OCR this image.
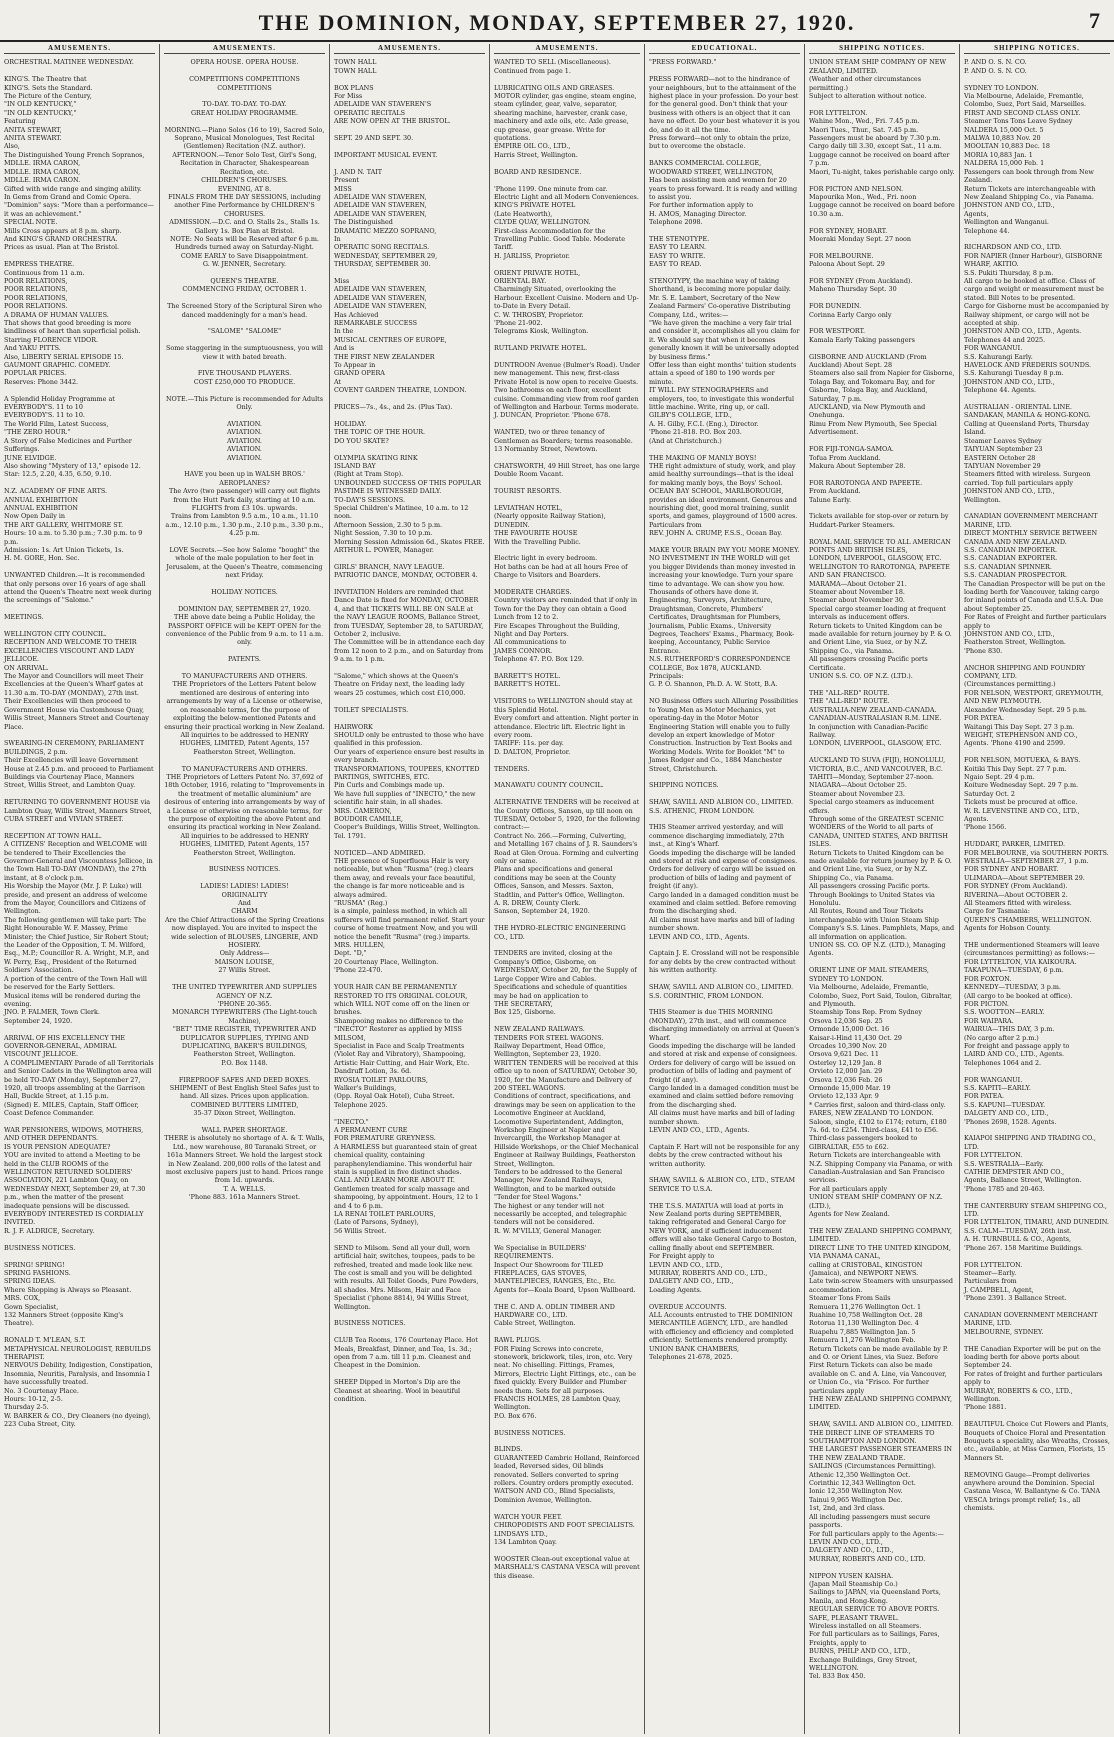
THE DOMINION, MONDAY, SEPTEMBER 27, 1920.	7
AMUSEMENTS.
ORCHESTRAL MATINEE WEDNESDAY.

KING'S. The Theatre that
KING'S. Sets the Standard.
The Picture of the Century,
"IN OLD KENTUCKY,"
"IN OLD KENTUCKY,"
Featuring
ANITA STEWART,
ANITA STEWART.
Also,
The Distinguished Young French Sopranos,
MDLLE. IRMA CARON,
MDLLE. IRMA CARON,
MDLLE. IRMA CARON.
Gifted with wide range and singing ability.
In Gems from Grand and Comic Opera.
"Dominion" says: "More than a performance—it was an achievement."
SPECIAL NOTE.
Mills Cross appears at 8 p.m. sharp.
And KING'S GRAND ORCHESTRA.
Prices as usual. Plan at The Bristol.

EMPRESS THEATRE.
Continuous from 11 a.m.
POOR RELATIONS,
POOR RELATIONS,
POOR RELATIONS,
POOR RELATIONS.
A DRAMA OF HUMAN VALUES.
That shows that good breeding is more kindliness of heart than superficial polish.
Starring FLORENCE VIDOR.
And YAKU PITTS.
Also, LIBERTY SERIAL EPISODE 15.
GAUMONT GRAPHIC. COMEDY.
POPULAR PRICES.
Reserves: Phone 3442.

A Splendid Holiday Programme at EVERYBODY'S. 11 to 10
EVERYBODY'S. 11 to 10.
The World Film, Latest Success,
"THE ZERO HOUR."
A Story of False Medicines and Further Sufferings.
JUNE ELVIDGE.
Also showing "Mystery of 13," episode 12.
Star: 12.5, 2.20, 4.35, 6.50, 9.10.

N.Z. ACADEMY OF FINE ARTS.
ANNUAL EXHIBITION
ANNUAL EXHIBITION
Now Open Daily in
THE ART GALLERY, WHITMORE ST.
Hours: 10 a.m. to 5.30 p.m.; 7.30 p.m. to 9 p.m.
Admission: 1s. Art Union Tickets, 1s.
H. M. GORE, Hon. Sec.

UNWANTED Children.—It is recommended that only persons over 16 years of age shall attend the Queen's Theatre next week during the screenings of "Salome."

MEETINGS.

WELLINGTON CITY COUNCIL.
RECEPTION AND WELCOME TO THEIR EXCELLENCIES VISCOUNT AND LADY JELLICOE.
ON ARRIVAL.
The Mayor and Councillors will meet Their Excellencies at the Queen's Wharf gates at 11.30 a.m. TO-DAY (MONDAY), 27th inst.
Their Excellencies will then proceed to Government House via Customhouse Quay, Willis Street, Manners Street and Courtenay Place.

SWEARING-IN CEREMONY, PARLIAMENT BUILDINGS, 2 p.m.
Their Excellencies will leave Government House at 2.45 p.m. and proceed to Parliament Buildings via Courtenay Place, Manners Street, Willis Street, and Lambton Quay.

RETURNING TO GOVERNMENT HOUSE via Lambton Quay, Willis Street, Manners Street, CUBA STREET and VIVIAN STREET.

RECEPTION AT TOWN HALL.
A CITIZENS' Reception and WELCOME will be tendered to Their Excellencies the Governor-General and Viscountess Jellicoe, in the Town Hall TO-DAY (MONDAY), the 27th instant, at 8 o'clock p.m.
His Worship the Mayor (Mr. J. P. Luke) will preside, and present an address of welcome from the Mayor, Councillors and Citizens of Wellington.
The following gentlemen will take part: The Right Honourable W. F. Massey, Prime Minister; the Chief Justice, Sir Robert Stout; the Leader of the Opposition, T. M. Wilford, Esq., M.P.; Councillor R. A. Wright, M.P., and W. Perry, Esq., President of the Returned Soldiers' Association.
A portion of the centre of the Town Hall will be reserved for the Early Settlers.
Musical items will be rendered during the evening.
JNO. P. FALMER, Town Clerk.
September 24, 1920.

ARRIVAL OF HIS EXCELLENCY THE GOVERNOR-GENERAL, ADMIRAL VISCOUNT JELLICOE.
A COMPLIMENTARY Parade of all Territorials and Senior Cadets in the Wellington area will be held TO-DAY (Monday), September 27, 1920, all troops assembling at the Garrison Hall, Buckle Street, at 1.15 p.m.
(Signed) E. MILES, Captain, Staff Officer, Coast Defence Commander.

WAR PENSIONERS, WIDOWS, MOTHERS, AND OTHER DEPENDANTS.
IS YOUR PENSION ADEQUATE?
YOU are invited to attend a Meeting to be held in the CLUB ROOMS of the WELLINGTON RETURNED SOLDIERS' ASSOCIATION, 221 Lambton Quay, on WEDNESDAY NEXT, September 29, at 7.30 p.m., when the matter of the present inadequate pensions will be discussed.
EVERYBODY INTERESTED IS CORDIALLY INVITED.
R. J. F. ALDRICE, Secretary.

BUSINESS NOTICES.

SPRING! SPRING!
SPRING FASHIONS.
SPRING IDEAS.
Where Shopping is Always so Pleasant.
MRS. COX,
Gown Specialist,
132 Manners Street (opposite King's Theatre).

RONALD T. M'LEAN, S.T.
METAPHYSICAL NEUROLOGIST, REBUILDS THERAPIST.
NERVOUS Debility, Indigestion, Constipation, Insomnia, Neuritis, Paralysis, and Insomnia I have successfully treated.
No. 3 Courtenay Place.
Hours: 10-12, 2-5.
Thursday 2-5.
W. BARKER & CO., Dry Cleaners (no dyeing), 223 Cuba Street, City.
AMUSEMENTS.
OPERA HOUSE. OPERA HOUSE.

COMPETITIONS COMPETITIONS
COMPETITIONS

TO-DAY. TO-DAY. TO-DAY.
GREAT HOLIDAY PROGRAMME.

MORNING.—Piano Solos (16 to 19), Sacred Solo, Soprano, Musical Monologues, Test Recital (Gentlemen) Recitation (N.Z. author).
AFTERNOON.—Tenor Solo Test, Girl's Song, Recitation in Character, Shakespearean Recitation, etc.
CHILDREN'S CHORUSES.
EVENING, AT 8.
FINALS FROM THE DAY SESSIONS, including another Fine Performance by CHILDREN'S CHORUSES.
ADMISSION.—D.C. and O. Stalls 2s., Stalls 1s. Gallery 1s. Box Plan at Bristol.
NOTE: No Seats will be Reserved after 6 p.m.
Hundreds turned away on Saturday-Night. COME EARLY to Save Disappointment.
G. W. JENNER, Secretary.

QUEEN'S THEATRE.
COMMENCING FRIDAY, OCTOBER 1.

The Screened Story of the Scriptural Siren who danced maddeningly for a man's head.

"SALOME" "SALOME"

Some staggering in the sumptuousness, you will view it with bated breath.

FIVE THOUSAND PLAYERS.
COST £250,000 TO PRODUCE.

NOTE.—This Picture is recommended for Adults Only.

AVIATION.
AVIATION.
AVIATION.
AVIATION.
AVIATION.

HAVE you been up in WALSH BROS.' AEROPLANES?
The Avro (two passenger) will carry out flights from the Hutt Park daily, starting at 10 a.m.
FLIGHTS from £3 10s. upwards.
Trains from Lambton 9.5 a.m., 10 a.m., 11.10 a.m., 12.10 p.m., 1.30 p.m., 2.10 p.m., 3.30 p.m., 4.25 p.m.

LOVE Secrets.—See how Salome "bought" the whole of the male population to her feet in Jerusalem, at the Queen's Theatre, commencing next Friday.

HOLIDAY NOTICES.

DOMINION DAY, SEPTEMBER 27, 1920.
THE above date being a Public Holiday, the PASSPORT OFFICE will be KEPT OPEN for the convenience of the Public from 9 a.m. to 11 a.m. only.

PATENTS.

TO MANUFACTURERS AND OTHERS.
THE Proprietors of the Letters Patent below mentioned are desirous of entering into arrangements by way of a License or otherwise, on reasonable terms, for the purpose of exploiting the below-mentioned Patents and ensuring their practical working in New Zealand.
All inquiries to be addressed to HENRY HUGHES, LIMITED, Patent Agents, 157 Featherston Street, Wellington.

TO MANUFACTURERS AND OTHERS.
THE Proprietors of Letters Patent No. 37,692 of 18th October, 1916, relating to "Improvements in the treatment of metallic aluminium" are desirous of entering into arrangements by way of a License or otherwise on reasonable terms, for the purpose of exploiting the above Patent and ensuring its practical working in New Zealand.
All inquiries to be addressed to HENRY HUGHES, LIMITED, Patent Agents, 157 Featherston Street, Wellington.

BUSINESS NOTICES.

LADIES! LADIES! LADIES!
ORIGINALITY
And
CHARM
Are the Chief Attractions of the Spring Creations now displayed. You are invited to inspect the wide selection of BLOUSES, LINGERIE, AND HOSIERY.
Only Address—
MAISON LOUISE,
27 Willis Street.

THE UNITED TYPEWRITER AND SUPPLIES AGENCY OF N.Z.
'PHONE 20-365.
MONARCH TYPEWRITERS (The Light-touch Machine),
"BET" TIME REGISTER, TYPEWRITER AND DUPLICATOR SUPPLIES, TYPING AND DUPLICATING, BAKER'S BUILDINGS, Featherston Street, Wellington.
P.O. Box 1148.

FIREPROOF SAFES AND DEED BOXES.
SHIPMENT of Best English Steel Safes just to hand. All sizes. Prices upon application.
COMBINED BUTTERS LIMITED,
35-37 Dixon Street, Wellington.

WALL PAPER SHORTAGE.
THERE is absolutely no shortage of A. & T. Walls, Ltd., new warehouse, 80 Taranaki Street, or 161a Manners Street. We hold the largest stock in New Zealand. 200,000 rolls of the latest and most exclusive papers just to hand. Prices range from 1d. upwards.
T. A. WELLS.
'Phone 883. 161a Manners Street.
AMUSEMENTS.
TOWN HALL
TOWN HALL

BOX PLANS
For Miss
ADELAIDE VAN STAVEREN'S
OPERATIC RECITALS
ARE NOW OPEN AT THE BRISTOL.

SEPT. 29 AND SEPT. 30.

IMPORTANT MUSICAL EVENT.

J. AND N. TAIT
Present
MISS
ADELAIDE VAN STAVEREN,
ADELAIDE VAN STAVEREN,
ADELAIDE VAN STAVEREN,
The Distinguished
DRAMATIC MEZZO SOPRANO,
In
OPERATIC SONG RECITALS.
WEDNESDAY, SEPTEMBER 29,
THURSDAY, SEPTEMBER 30.

Miss
ADELAIDE VAN STAVEREN,
ADELAIDE VAN STAVEREN,
ADELAIDE VAN STAVEREN,
Has Achieved
REMARKABLE SUCCESS
In the
MUSICAL CENTRES OF EUROPE,
And is
THE FIRST NEW ZEALANDER
To Appear in
GRAND OPERA
At
COVENT GARDEN THEATRE, LONDON.

PRICES—7s., 4s., and 2s. (Plus Tax).

HOLIDAY.
THE TOPIC OF THE HOUR.
DO YOU SKATE?

OLYMPIA SKATING RINK
ISLAND BAY
(Right at Tram Stop).
UNBOUNDED SUCCESS OF THIS POPULAR PASTIME IS WITNESSED DAILY.
TO-DAY'S SESSIONS.
Special Children's Matinee, 10 a.m. to 12 noon.
Afternoon Session, 2.30 to 5 p.m.
Night Session, 7.30 to 10 p.m.
Morning Session Admission 6d., Skates FREE.
ARTHUR L. POWER, Manager.

GIRLS' BRANCH, NAVY LEAGUE.
PATRIOTIC DANCE, MONDAY, OCTOBER 4.

INVITATION Holders are reminded that Dance Date is fixed for MONDAY, OCTOBER 4, and that TICKETS WILL BE ON SALE at the NAVY LEAGUE ROOMS, Ballance Street, from TUESDAY, September 28, to SATURDAY, October 2, inclusive.
The Committee will be in attendance each day from 12 noon to 2 p.m., and on Saturday from 9 a.m. to 1 p.m.

"Salome," which shows at the Queen's Theatre on Friday next, the leading lady wears 25 costumes, which cost £10,000.

TOILET SPECIALISTS.

HAIRWORK
SHOULD only be entrusted to those who have qualified in this profession.
Our years of experience ensure best results in every branch.
TRANSFORMATIONS, TOUPEES, KNOTTED PARTINGS, SWITCHES, ETC.
Pin Curls and Combings made up.
We have full supplies of "INECTO," the new scientific hair stain, in all shades.
MRS. CAMERON,
BOUDOIR CAMILLE,
Cooper's Buildings, Willis Street, Wellington.
Tel. 1791.

NOTICED—AND ADMIRED.
THE presence of Superfluous Hair is very noticeable, but when "Rusma" (reg.) clears them away, and reveals your face beautiful, the change is far more noticeable and is always admired.
"RUSMA" (Reg.)
is a simple, painless method, in which all sufferers will find permanent relief. Start your course of home treatment Now, and you will notice the benefit "Rusma" (reg.) imparts.
MRS. HULLEN,
Dept. "D,"
20 Courtenay Place, Wellington.
'Phone 22-470.

YOUR HAIR CAN BE PERMANENTLY RESTORED TO ITS ORIGINAL COLOUR, which WILL NOT come off on the linen or brushes.
Shampooing makes no difference to the "INECTO" Restorer as applied by MISS MILSOM,
Specialist in Face and Scalp Treatments
(Violet Ray and Vibratory), Shampooing, Artistic Hair Cutting, and Hair Work, Etc.
Dandruff Lotion, 3s. 6d.
RYOSIA TOILET PARLOURS,
Walker's Buildings,
(Opp. Royal Oak Hotel), Cuba Street.
Telephone 2025.

"INECTO."
A PERMANENT CURE
FOR PREMATURE GREYNESS.
A HARMLESS but guaranteed stain of great chemical quality, containing paraphenylendiamine. This wonderful hair stain is supplied in five distinct shades.
CALL AND LEARN MORE ABOUT IT.
Gentlemen treated for scalp massage and shampooing, by appointment. Hours, 12 to 1 and 4 to 6 p.m.
LA RENAI TOILET PARLOURS,
(Late of Parsons, Sydney),
56 Willis Street.

SEND to Milsom. Send all your dull, worn artificial hair, switches, toupees, pads to be refreshed, treated and made look like new. The cost is small and you will be delighted with results. All Toilet Goods, Pure Powders, all shades. Mrs. Milsom, Hair and Face Specialist ('phone 8814), 94 Willis Street, Wellington.

BUSINESS NOTICES.

CLUB Tea Rooms, 176 Courtenay Place. Hot Meals, Breakfast, Dinner, and Tea, 1s. 3d.; open from 7 a.m. till 11 p.m. Cleanest and Cheapest in the Dominion.

SHEEP Dipped in Morton's Dip are the Cleanest at shearing. Wool in beautiful condition.
AMUSEMENTS.
WANTED TO SELL (Miscellaneous).
Continued from page 1.

LUBRICATING OILS AND GREASES.
MOTOR cylinder, gas engine, steam engine, steam cylinder, gear, valve, separator, shearing machine, harvester, crank case, machinery and axle oils, etc. Axle grease, cup grease, gear grease. Write for quotations.
EMPIRE OIL CO., LTD.,
Harris Street, Wellington.

BOARD AND RESIDENCE.

'Phone 1199. One minute from car.
Electric Light and all Modern Conveniences.
KING'S PRIVATE HOTEL
(Late Heatworth),
CLYDE QUAY, WELLINGTON.
First-class Accommodation for the Travelling Public. Good Table. Moderate Tariff.
H. JARLISS, Proprietor.

ORIENT PRIVATE HOTEL,
ORIENTAL BAY.
Charmingly Situated, overlooking the Harbour. Excellent Cuisine. Modern and Up-to-Date in Every Detail.
C. W. THROSBY, Proprietor.
'Phone 21-902.
Telegrams Kiosk, Wellington.

RUTLAND PRIVATE HOTEL.

DUNTROON Avenue (Bulmer's Road). Under new management. This new, first-class Private Hotel is now open to receive Guests. Two bathrooms on each floor, excellent cuisine. Commanding view from roof garden of Wellington and Harbour. Terms moderate.
J. DUNCAN, Proprietor. 'Phone 678.

WANTED, two or three tenancy of Gentlemen as Boarders; terms reasonable. 13 Normanby Street, Newtown.

CHATSWORTH, 49 Hill Street, has one large Double Room Vacant.

TOURIST RESORTS.

LEVIATHAN HOTEL,
(Nearly opposite Railway Station),
DUNEDIN.
THE FAVOURITE HOUSE
With the Travelling Public.

Electric light in every bedroom.
Hot baths can be had at all hours Free of Charge to Visitors and Boarders.

MODERATE CHARGES.
Country visitors are reminded that if only in Town for the Day they can obtain a Good Lunch from 12 to 2.
Fire Escapes Throughout the Building, Night and Day Porters.
All communications to
JAMES CONNOR.
Telephone 47. P.O. Box 129.

BARRETT'S HOTEL.
BARRETT'S HOTEL.

VISITORS to WELLINGTON should stay at this Splendid Hotel.
Every comfort and attention. Night porter in attendance. Electric lift. Electric light in every room.
TARIFF: 11s. per day.
D. DALTON, Proprietor.

TENDERS.

MANAWATU COUNTY COUNCIL.

ALTERNATIVE TENDERS will be received at the County Offices, Sanson, up till noon on TUESDAY, October 5, 1920, for the following contract:—
Contract No. 266.—Forming, Culverting, and Metalling 167 chains of J. R. Saunders's Road at Glen Oroua. Forming and culverting only or same.
Plans and specifications and general conditions may be seen at the County Offices, Sanson, and Messrs. Saxton, Stadtlin, and Patter's Office, Wellington.
A. R. DREW, County Clerk.
Sanson, September 24, 1920.

THE HYDRO-ELECTRIC ENGINEERING CO., LTD.

TENDERS are invited, closing at the Company's Office, Gisborne, on WEDNESDAY, October 20, for the Supply of Large Copper Wire and Cables. Specifications and schedule of quantities may be had on application to
THE SECRETARY,
Box 125, Gisborne.

NEW ZEALAND RAILWAYS.
TENDERS FOR STEEL WAGONS.
Railway Department, Head Office, Wellington, September 23, 1920.
WRITTEN TENDERS will be received at this office up to noon of SATURDAY, October 30, 1920, for the Manufacture and Delivery of 200 STEEL WAGONS.
Conditions of contract, specifications, and drawings may be seen on application to the Locomotive Engineer at Auckland, Locomotive Superintendent, Addington, Workshop Engineer at Napier and Invercargill, the Workshop Manager at Hillside Workshops, or the Chief Mechanical Engineer at Railway Buildings, Featherston Street, Wellington.
Tenders to be addressed to the General Manager, New Zealand Railways, Wellington, and to be marked outside "Tender for Steel Wagons."
The highest or any tender will not necessarily be accepted, and telegraphic tenders will not be considered.
R. W. M'VILLY, General Manager.

We Specialise in BUILDERS' REQUIREMENTS.
Inspect Our Showroom for TILED FIREPLACES, GAS STOVES, MANTELPIECES, RANGES, Etc., Etc.
Agents for—Koala Board, Upson Wallboard.

THE C. AND A. ODLIN TIMBER AND HARDWARE CO., LTD.
Cable Street, Wellington.

RAWL PLUGS.
FOR Fixing Screws into concrete, stonework, brickwork, tiles, iron, etc. Very neat. No chiselling. Fittings, Frames, Mirrors, Electric Light Fittings, etc., can be fixed quickly. Every Builder and Plumber needs them. Sets for all purposes.
FRANCIS HOLMES, 28 Lambton Quay, Wellington.
P.O. Box 676.

BUSINESS NOTICES.

BLINDS.
GUARANTEED Cambric Holland, Reinforced leaded, Reversed sides, Oil blinds renovated. Sellers converted to spring rollers. Country orders promptly executed.
WATSON AND CO., Blind Specialists,
Dominion Avenue, Wellington.

WATCH YOUR FEET.
CHIROPODISTS AND FOOT SPECIALISTS.
LINDSAYS LTD.,
134 Lambton Quay.

WOOSTER Clean-out exceptional value at MARSHALL'S CASTANA VESCA will prevent this disease.
EDUCATIONAL.
"PRESS FORWARD."

PRESS FORWARD—not to the hindrance of your neighbours, but to the attainment of the highest place in your profession. Do your best for the general good. Don't think that your business with others is an object that it can have no effect. Do your best whatever it is you do, and do it all the time.
Press forward—not only to obtain the prize, but to overcome the obstacle.

BANKS COMMERCIAL COLLEGE,
WOODWARD STREET, WELLINGTON,
Has been assisting men and women for 20 years to press forward. It is ready and willing to assist you.
For further information apply to
H. AMOS, Managing Director.
Telephone 2098.

THE STENOTYPE.
EASY TO LEARN.
EASY TO WRITE.
EASY TO READ.

STENOTYPY, the machine way of taking Shorthand, is becoming more popular daily.
Mr. S. E. Lambert, Secretary of the New Zealand Farmers' Co-operative Distributing Company, Ltd., writes:—
"We have given the machine a very fair trial and consider it, accomplishes all you claim for it. We should say that when it becomes generally known it will be universally adopted by business firms."
Offer less than eight months' tuition students attain a speed of 180 to 190 words per minute.
IT WILL PAY STENOGRAPHERS and employers, too, to investigate this wonderful little machine. Write, ring up, or call.
GILBY'S COLLEGE, LTD.,
A. H. Gilby, F.C.I. (Eng.), Director.
'Phone 21-818. P.O. Box 203.
(And at Christchurch.)

THE MAKING OF MANLY BOYS!
THE right admixture of study, work, and play amid healthy surroundings—that is the ideal for making manly boys, the Boys' School.
OCEAN BAY SCHOOL, MARLBOROUGH,
provides an ideal environment. Generous and nourishing diet, good moral training, sunlit sports, and games, playground of 1500 acres.
Particulars from
REV. JOHN A. CRUMP, F.S.S., Ocean Bay.

MAKE YOUR BRAIN PAY YOU MORE MONEY.
NO INVESTMENT IN THE WORLD will get you bigger Dividends than money invested in increasing your knowledge. Turn your spare time to advantage. We can show you how. Thousands of others have done it. Engineering, Surveyors, Architecture, Draughtsman, Concrete, Plumbers' Certificates, Draughtsman for Plumbers, Journalism, Public Exams., University Degrees, Teachers' Exams., Pharmacy, Book-keeping, Accountancy, Public Service Entrance.
N.S. RUTHERFORD'S CORRESPONDENCE COLLEGE, Box 1878, AUCKLAND.
Principals:
G. P. O. Shannon, Ph.D. A. W. Stott, B.A.

NO Business Offers such Alluring Possibilities to Young Men as Motor Mechanics, yet operating-day in the Motor Motor Engineering Station will enable you to fully develop an expert knowledge of Motor Construction. Instruction by Text Books and Working Models. Write for Booklet "M" to James Rodger and Co., 1884 Manchester Street, Christchurch.

SHIPPING NOTICES.

SHAW, SAVILL AND ALBION CO., LIMITED.
S.S. ATHENIC, FROM LONDON.

THIS Steamer arrived yesterday, and will commence discharging immediately, 27th inst., at King's Wharf.
Goods impeding the discharge will be landed and stored at risk and expense of consignees. Orders for delivery of cargo will be issued on production of bills of lading and payment of freight (if any).
Cargo landed in a damaged condition must be examined and claim settled. Before removing from the discharging shed.
All claims must have marks and bill of lading number shown.
LEVIN AND CO., LTD., Agents.

Captain J. E. Crossland will not be responsible for any debts by the crew contracted without his written authority.

SHAW, SAVILL AND ALBION CO., LIMITED.
S.S. CORINTHIC, FROM LONDON.

THIS Steamer is due THIS MORNING (MONDAY), 27th inst., and will commence discharging immediately on arrival at Queen's Wharf.
Goods impeding the discharge will be landed and stored at risk and expense of consignees. Orders for delivery of cargo will be issued on production of bills of lading and payment of freight (if any).
Cargo landed in a damaged condition must be examined and claim settled before removing from the discharging shed.
All claims must have marks and bill of lading number shown.
LEVIN AND CO., LTD., Agents.

Captain F. Hart will not be responsible for any debts by the crew contracted without his written authority.

SHAW, SAVILL & ALBION CO., LTD., STEAM SERVICE TO U.S.A.

THE T.S.S. MATATUA will load at ports in New Zealand ports during SEPTEMBER, taking refrigerated and General Cargo for NEW YORK, and if sufficient inducement offers will also take General Cargo to Boston, calling finally about end SEPTEMBER.
For Freight apply to
LEVIN AND CO., LTD.,
MURRAY, ROBERTS AND CO., LTD.,
DALGETY AND CO., LTD.,
Loading Agents.

OVERDUE ACCOUNTS.
ALL Accounts entrusted to THE DOMINION MERCANTILE AGENCY, LTD., are handled with efficiency and efficiency and completed efficiently. Settlements rendered promptly.
UNION BANK CHAMBERS,
Telephones 21-678, 2025.
SHIPPING NOTICES.
UNION STEAM SHIP COMPANY OF NEW ZEALAND, LIMITED.
(Weather and other circumstances permitting.)
Subject to alteration without notice.

FOR LYTTELTON.
Wahine Mon., Wed., Fri. 7.45 p.m.
Maori Tues., Thur., Sat. 7.45 p.m.
Passengers must be aboard by 7.30 p.m.
Cargo daily till 3.30, except Sat., 11 a.m.
Luggage cannot be received on board after 7 p.m.
Maori, Tu-night, takes perishable cargo only.

FOR PICTON AND NELSON.
Mapourika Mon., Wed., Fri. noon
Luggage cannot be received on board before 10.30 a.m.

FOR SYDNEY, HOBART.
Moeraki Monday Sept. 27 noon

FOR MELBOURNE.
Paloona About Sept. 29

FOR SYDNEY (From Auckland).
Maheno Thursday Sept. 30

FOR DUNEDIN.
Corinna Early Cargo only

FOR WESTPORT.
Kamala Early Taking passengers

GISBORNE AND AUCKLAND (From Auckland) About Sept. 28
Steamers also sail from Napier for Gisborne, Tolaga Bay, and Tokomaru Bay, and for Gisborne, Tolaga Bay, and Auckland, Saturday, 7 p.m.
AUCKLAND, via New Plymouth and Onehunga.
Rimu From New Plymouth, See Special Advertisement.

FOR FIJI-TONGA-SAMOA.
Tofua From Auckland.
Makura About September 28.

FOR RAROTONGA AND PAPEETE.
From Auckland.
Talune Early.

Tickets available for stop-over or return by Huddart-Parker Steamers.

ROYAL MAIL SERVICE TO ALL AMERICAN POINTS AND BRITISH ISLES,
LONDON, LIVERPOOL, GLASGOW, ETC.
WELLINGTON TO RAROTONGA, PAPEETE AND SAN FRANCISCO.
MARAMA—About October 21.
Steamer about November 18.
Steamer about November 30.
Special cargo steamer loading at frequent intervals as inducement offers.
Return tickets to United Kingdom can be made available for return journey by P. & O. and Orient Line, via Suez, or by N.Z. Shipping Co., via Panama.
All passengers crossing Pacific ports Certificate.
UNION S.S. CO. OF N.Z. (LTD.).

THE "ALL-RED" ROUTE.
THE "ALL-RED" ROUTE.
AUSTRALIA-NEW ZEALAND-CANADA.
CANADIAN-AUSTRALASIAN R.M. LINE.
In conjunction with Canadian-Pacific Railway.
LONDON, LIVERPOOL, GLASGOW, ETC.

AUCKLAND TO SUVA (FIJI), HONOLULU, VICTORIA, B.C., AND VANCOUVER, B.C.
TAHITI—Monday, September 27-noon.
NIAGARA—About October 25.
Steamer about November 23.
Special cargo steamers as inducement offers.
Through some of the GREATEST SCENIC WONDERS of the World to all parts of CANADA, UNITED STATES, AND BRITISH ISLES.
Return Tickets to United Kingdom can be made available for return journey by P. & O. and Orient Line, via Suez, or by N.Z. Shipping Co., via Panama.
All passengers crossing Pacific ports.
Through Bookings to United States via Honolulu.
All Routes, Round and Tour Tickets interchangeable with Union Steam Ship Company's S.S. Lines. Pamphlets, Maps, and all information on application.
UNION SS. CO. OF N.Z. (LTD.), Managing Agents.

ORIENT LINE OF MAIL STEAMERS, SYDNEY TO LONDON.
Via Melbourne, Adelaide, Fremantle, Colombo, Suez, Port Said, Toulon, Gibraltar, and Plymouth.
Steamship Tons Rep. From Sydney
Orsova 12,036 Sep. 25
Ormonde 15,000 Oct. 16
Kaisar-i-Hind 11,430 Oct. 29
Orcades 10,390 Nov. 20
Orsova 9,621 Dec. 11
Osterley 12,129 Jan. 8
Orvieto 12,000 Jan. 29
Orsova 12,036 Feb. 26
Ormonde 15,000 Mar. 19
Orvieto 12,133 Apr. 9
* Carries first, saloon and third-class only.
FARES, NEW ZEALAND TO LONDON.
Saloon, single, £102 to £174; return, £180 7s. 6d. to £254. Third-class, £41 to £56.
Third-class passengers booked to GIBRALTAR, £55 to £62.
Return Tickets are interchangeable with N.Z. Shipping Company via Panama, or with Canadian-Australasian and San Francisco services.
For all particulars apply
UNION STEAM SHIP COMPANY OF N.Z. (LTD.),
Agents for New Zealand.

THE NEW ZEALAND SHIPPING COMPANY, LIMITED.
DIRECT LINE TO THE UNITED KINGDOM, VIA PANAMA CANAL,
calling at CRISTOBAL, KINGSTON (Jamaica), and NEWPORT NEWS.
Late twin-screw Steamers with unsurpassed accommodation.
Steamer Tons From Sails
Remuera 11,276 Wellington Oct. 1
Ruahine 10,758 Wellington Oct. 28
Rotorua 11,130 Wellington Dec. 4
Ruapehu 7,885 Wellington Jan. 5
Remuera 11,276 Wellington Feb.
Return Tickets can be made available by P. and O. or Orient Lines, via Suez. Before First Return Tickets can also be made available on C. and A. Line, via Vancouver, or Union Co., via "Frisco. For further particulars apply
THE NEW ZEALAND SHIPPING COMPANY, LIMITED.

SHAW, SAVILL AND ALBION CO., LIMITED.
THE DIRECT LINE OF STEAMERS TO SOUTHAMPTON AND LONDON.
THE LARGEST PASSENGER STEAMERS IN THE NEW ZEALAND TRADE.
SAILINGS (Circumstances Permitting).
Athenic 12,350 Wellington Oct.
Corinthic 12,343 Wellington Oct.
Ionic 12,350 Wellington Nov.
Tainui 9,965 Wellington Dec.
1st, 2nd, and 3rd class.
All including passengers must secure passports.
For full particulars apply to the Agents:—
LEVIN AND CO., LTD.,
DALGETY AND CO., LTD.,
MURRAY, ROBERTS AND CO., LTD.

NIPPON YUSEN KAISHA.
(Japan Mail Steamship Co.)
Sailings to JAPAN, via Queensland Ports, Manila, and Hong-Kong.
REGULAR SERVICE TO ABOVE PORTS.
SAFE, PLEASANT TRAVEL.
Wireless installed on all Steamers.
For full particulars as to Sailings, Fares, Freights, apply to
BURNS, PHILP AND CO., LTD.,
Exchange Buildings, Grey Street,
WELLINGTON.
Tel. 833 Box 450.
SHIPPING NOTICES.
P. AND O. S. N. CO.
P. AND O. S. N. CO.

SYDNEY TO LONDON.
Via Melbourne, Adelaide, Fremantle, Colombo, Suez, Port Said, Marseilles.
FIRST AND SECOND CLASS ONLY.
Steamer Tons Tons Leave Sydney
NALDERA 15,000 Oct. 5
MALWA 10,883 Nov. 20
MOOLTAN 10,883 Dec. 18
MORIA 10,883 Jan. 1
NALDERA 15,000 Feb. 1
Passengers can book through from New Zealand.
Return Tickets are interchangeable with New Zealand Shipping Co., via Panama.
JOHNSTON AND CO., LTD.,
Agents,
Wellington and Wanganui.
Telephone 44.

RICHARDSON AND CO., LTD.
FOR NAPIER (Inner Harbour), GISBORNE WHARF, AKITIO.
S.S. Pukiti Thursday, 8 p.m.
All cargo to be booked at office. Class of cargo and weight or measurement must be stated. Bill Notes to be presented.
Cargo for Gisborne must be accompanied by Railway shipment, or cargo will not be accepted at ship.
JOHNSTON AND CO., LTD., Agents.
Telephones 44 and 2025.
FOR WANGANUI.
S.S. Kahurangi Early.
HAVELOCK AND FREDERIS SOUNDS.
S.S. Kahurangi Tuesday 8 p.m.
JOHNSTON AND CO., LTD.,
Telephone 44. Agents.

AUSTRALIAN - ORIENTAL LINE.
SANDAKAN, MANILA & HONG-KONG.
Calling at Queensland Ports, Thursday Island.
Steamer Leaves Sydney
TAIYUAN September 23
EASTERN October 28
TAIYUAN November 29
Steamers fitted with wireless. Surgeon carried. Top full particulars apply
JOHNSTON AND CO., LTD.,
Wellington.

CANADIAN GOVERNMENT MERCHANT MARINE, LTD.
DIRECT MONTHLY SERVICE BETWEEN CANADA AND NEW ZEALAND.
S.S. CANADIAN IMPORTER.
S.S. CANADIAN EXPORTER.
S.S. CANADIAN SPINNER.
S.S. CANADIAN PROSPECTOR.
The Canadian Prospector will be put on the loading berth for Vancouver, taking cargo for inland points of Canada and U.S.A. Due about September 25.
For Rates of Freight and further particulars apply to
JOHNSTON AND CO., LTD.,
Featherston Street, Wellington.
'Phone 830.

ANCHOR SHIPPING AND FOUNDRY COMPANY, LTD.
(Circumstances permitting.)
FOR NELSON, WESTPORT, GREYMOUTH, AND NEW PLYMOUTH.
Alexander Wednesday Sept. 29 5 p.m.
FOR PATEA.
Waitangi This Day Sept. 27 3 p.m.
WEIGHT, STEPHENSON AND CO.,
Agents. 'Phone 4190 and 2599.

FOR NELSON, MOTUEKA, & BAYS.
Koitiki This Day Sept. 27 7 p.m.
Ngaio Sept. 29 4 p.m.
Koiture Wednesday Sept. 29 7 p.m.
Saturday Oct. 2
Tickets must be procured at office.
W. R. LEVENSTINE AND CO., LTD.,
Agents.
'Phone 1566.

HUDDART, PARKER, LIMITED.
FOR MELBOURNE, via SOUTHERN PORTS.
WESTRALIA—SEPTEMBER 27, 1 p.m.
FOR SYDNEY AND HOBART.
ULIMAROA—About SEPTEMBER 29.
FOR SYDNEY (From Auckland).
RIVERINA—About OCTOBER 2.
All Steamers fitted with wireless.
Cargo for Tasmania:
QUEEN'S CHAMBERS, WELLINGTON.
Agents for Hobson County.

THE undermentioned Steamers will leave (circumstances permitting) as follows:—
FOR LYTTELTON, VIA KAIKOURA.
TAKAPUNA—TUESDAY, 6 p.m.
FOR FOXTON.
KENNEDY—TUESDAY, 3 p.m.
(All cargo to be booked at office).
FOR PICTON.
S.S. WOOTTON—EARLY.
FOR WAIPARA.
WAIRUA—THIS DAY, 3 p.m.
(No cargo after 2 p.m.)
For freight and passage apply to
LAIRD AND CO., LTD., Agents.
Telephones 1064 and 2.

FOR WANGANUI.
S.S. KAPITI—EARLY.
FOR PATEA.
S.S. KAPUNI—TUESDAY.
DALGETY AND CO., LTD.,
'Phones 2698, 1528. Agents.

KAIAPOI SHIPPING AND TRADING CO., LTD.
FOR LYTTELTON.
S.S. WESTRALIA—Early.
CATHIE DEMPSTER AND CO.,
Agents, Ballance Street, Wellington.
'Phone 1785 and 20-463.

THE CANTERBURY STEAM SHIPPING CO., LTD.
FOR LYTTELTON, TIMARU, AND DUNEDIN.
S.S. CALM—TUESDAY, 26th inst.
A. H. TURNBULL & CO., Agents,
'Phone 267. 158 Maritime Buildings.

FOR LYTTELTON.
Steamer—Early.
Particulars from
J. CAMPBELL, Agent,
'Phone 2391. 3 Ballance Street.

CANADIAN GOVERNMENT MERCHANT MARINE, LTD.
MELBOURNE, SYDNEY.

THE Canadian Exporter will be put on the loading berth for above ports about September 24.
For rates of freight and further particulars apply to
MURRAY, ROBERTS & CO., LTD.,
Wellington.
'Phone 1881.

BEAUTIFUL Choice Cut Flowers and Plants, Bouquets of Choice Floral and Presentation Bouquets a speciality, also Wreaths, Crosses, etc., available, at Miss Carmen, Florists, 15 Manners St.

REMOVING Gauge—Prompt deliveries anywhere around the Dominion. Special Castana Vesca, W. Ballantyne & Co. TANA VESCA brings prompt relief; 1s., all chemists.
